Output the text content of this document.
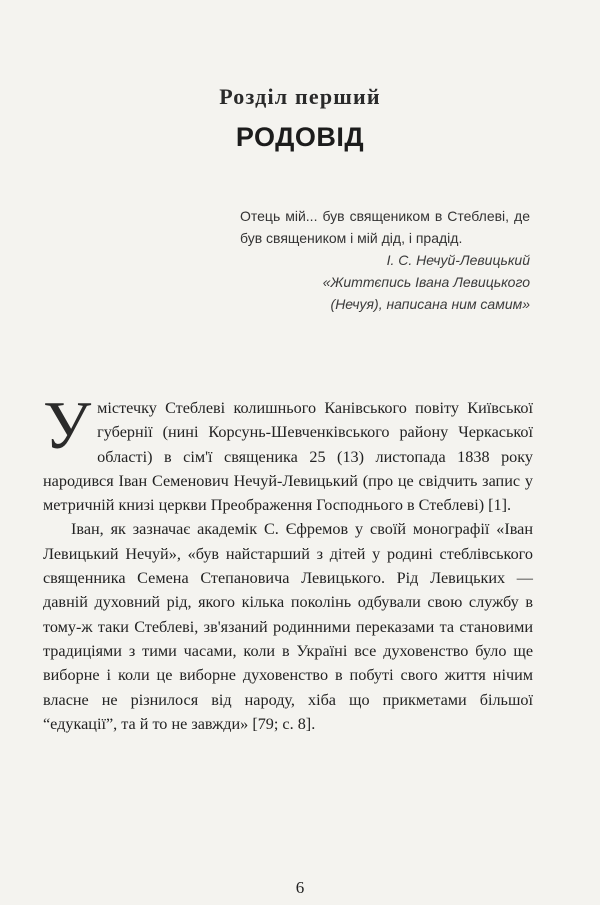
Розділ перший
РОДОВІД
Отець мій... був священиком в Стеблеві, де був священиком і мій дід, і прадід.
І. С. Нечуй-Левицький
«Життєпись Івана Левицького
(Нечуя), написана ним самим»

Умістечку Стеблеві колишнього Канівського повіту Київської губернії (нині Корсунь-Шевченківського району Черкаської області) в сім'ї священика 25 (13) листопада 1838 року народився Іван Семенович Нечуй-Левицький (про це свідчить запис у метричній книзі церкви Преображення Господнього в Стеблеві) [1].

Іван, як зазначає академік С. Єфремов у своїй монографії «Іван Левицький Нечуй», «був найстарший з дітей у родині стеблівського священника Семена Степановича Левицького. Рід Левицьких — давній духовний рід, якого кілька поколінь одбували свою службу в тому-ж таки Стеблеві, зв'язаний родинними переказами та становими традиціями з тими часами, коли в Україні все духовенство було ще виборне і коли це виборне духовенство в побуті свого життя нічим власне не різнилося від народу, хіба що прикметами більшої “едукації”, та й то не завжди» [79; с. 8].

6
